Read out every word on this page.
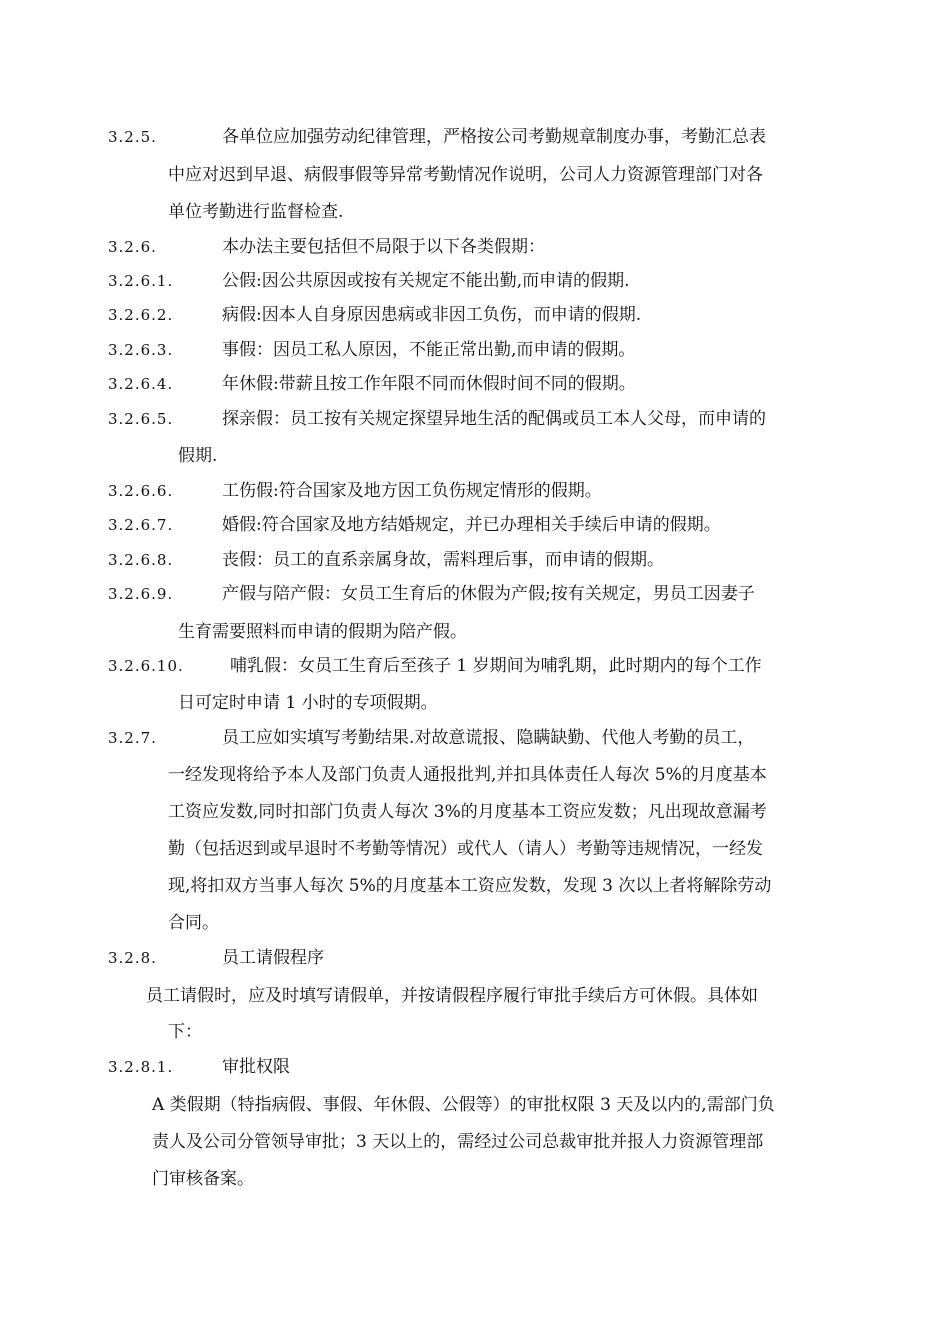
3.2.5.	各单位应加强劳动纪律管理，严格按公司考勤规章制度办事，考勤汇总表
中应对迟到早退、病假事假等异常考勤情况作说明，公司人力资源管理部门对各
单位考勤进行监督检查.
3.2.6.	本办法主要包括但不局限于以下各类假期：
3.2.6.1.	公假:因公共原因或按有关规定不能出勤,而申请的假期.
3.2.6.2.	病假:因本人自身原因患病或非因工负伤，而申请的假期.
3.2.6.3.	事假：因员工私人原因，不能正常出勤,而申请的假期。
3.2.6.4.	年休假:带薪且按工作年限不同而休假时间不同的假期。
3.2.6.5.	探亲假：员工按有关规定探望异地生活的配偶或员工本人父母，而申请的
假期.
3.2.6.6.	工伤假:符合国家及地方因工负伤规定情形的假期。
3.2.6.7.	婚假:符合国家及地方结婚规定，并已办理相关手续后申请的假期。
3.2.6.8.	丧假：员工的直系亲属身故，需料理后事，而申请的假期。
3.2.6.9.	产假与陪产假：女员工生育后的休假为产假;按有关规定，男员工因妻子
生育需要照料而申请的假期为陪产假。
3.2.6.10.	哺乳假：女员工生育后至孩子 1 岁期间为哺乳期，此时期内的每个工作
日可定时申请 1 小时的专项假期。
3.2.7.	员工应如实填写考勤结果.对故意谎报、隐瞒缺勤、代他人考勤的员工，
一经发现将给予本人及部门负责人通报批判,并扣具体责任人每次 5%的月度基本
工资应发数,同时扣部门负责人每次 3%的月度基本工资应发数；凡出现故意漏考
勤（包括迟到或早退时不考勤等情况）或代人（请人）考勤等违规情况，一经发
现,将扣双方当事人每次 5%的月度基本工资应发数，发现 3 次以上者将解除劳动
合同。
3.2.8.	员工请假程序
员工请假时，应及时填写请假单，并按请假程序履行审批手续后方可休假。具体如
下：
3.2.8.1.	审批权限
A 类假期（特指病假、事假、年休假、公假等）的审批权限 3 天及以内的,需部门负
责人及公司分管领导审批；3 天以上的，需经过公司总裁审批并报人力资源管理部
门审核备案。
